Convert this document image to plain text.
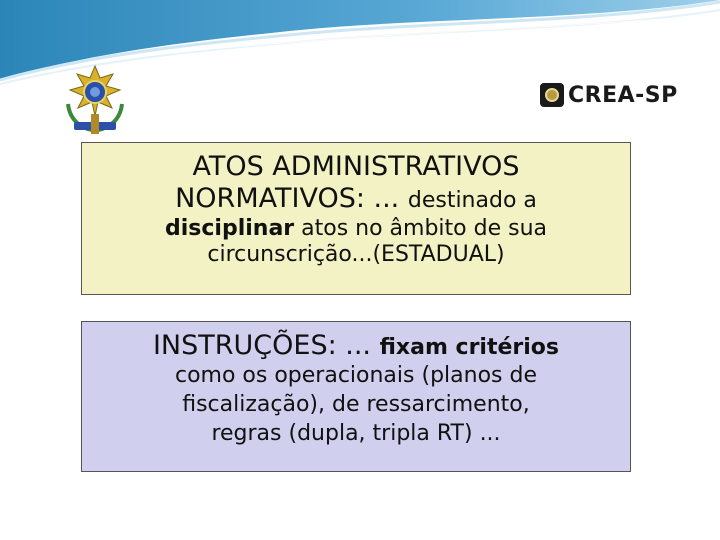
CREA-SP
ATOS ADMINISTRATIVOS
NORMATIVOS: ... destinado a
disciplinar atos no âmbito de sua
circunscrição...(ESTADUAL)
INSTRUÇÕES: ... fixam critérios
como os operacionais (planos de
fiscalização), de ressarcimento,
regras (dupla, tripla RT) ...
